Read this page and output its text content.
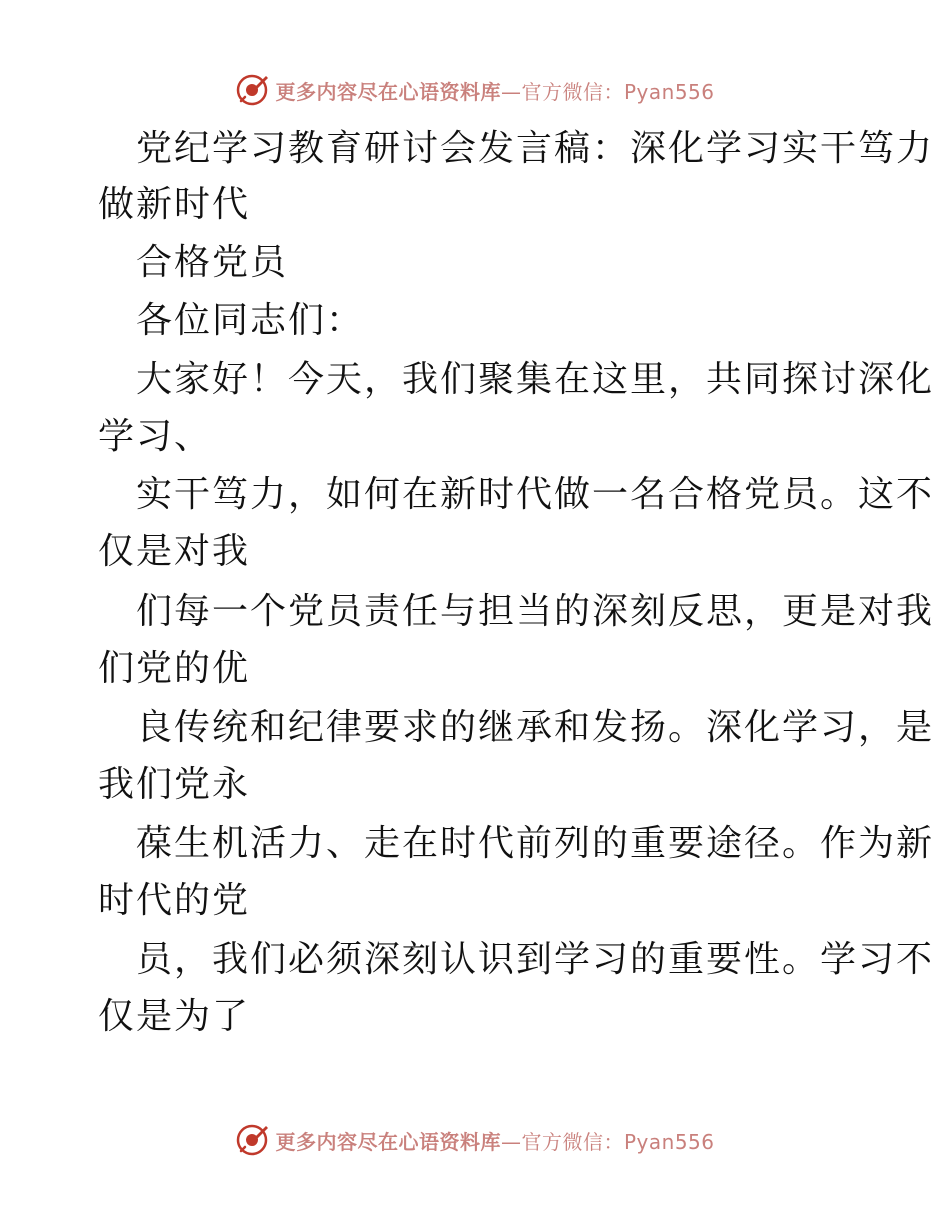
更多内容尽在心语资料库—官方微信：Pyan556
党纪学习教育研讨会发言稿：深化学习实干笃力
做新时代
合格党员
各位同志们：
大家好！今天，我们聚集在这里，共同探讨深化
学习、
实干笃力，如何在新时代做一名合格党员。这不
仅是对我
们每一个党员责任与担当的深刻反思，更是对我
们党的优
良传统和纪律要求的继承和发扬。深化学习，是
我们党永
葆生机活力、走在时代前列的重要途径。作为新
时代的党
员，我们必须深刻认识到学习的重要性。学习不
仅是为了
更多内容尽在心语资料库—官方微信：Pyan556
